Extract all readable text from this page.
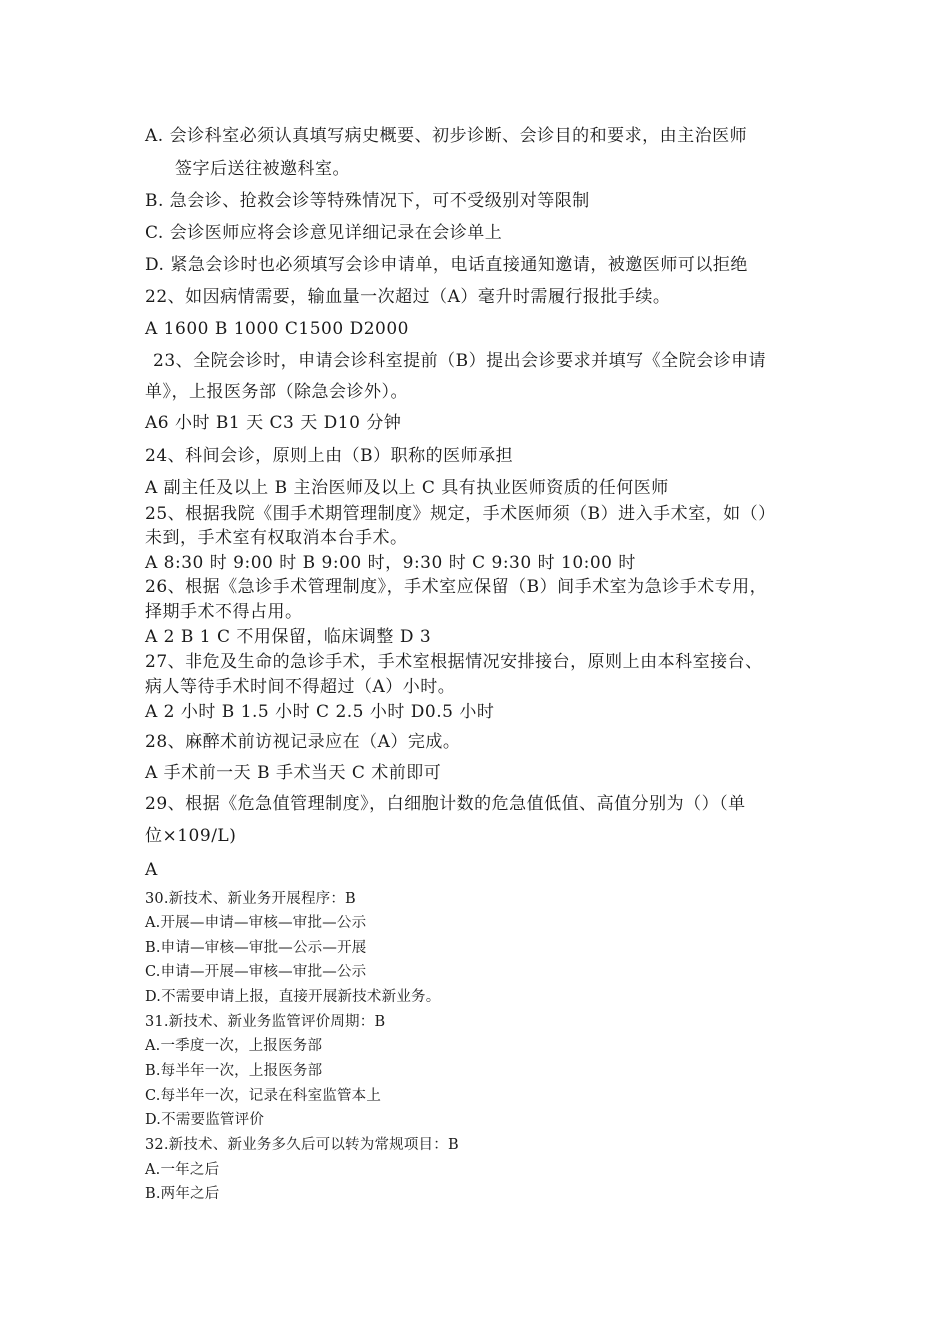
A. 会诊科室必须认真填写病史概要、初步诊断、会诊目的和要求，由主治医师
签字后送往被邀科室。
B. 急会诊、抢救会诊等特殊情况下，可不受级别对等限制
C. 会诊医师应将会诊意见详细记录在会诊单上
D. 紧急会诊时也必须填写会诊申请单，电话直接通知邀请，被邀医师可以拒绝
22、如因病情需要，输血量一次超过（A）毫升时需履行报批手续。
A 1600 B 1000 C1500 D2000
23、全院会诊时，申请会诊科室提前（B）提出会诊要求并填写《全院会诊申请
单》，上报医务部（除急会诊外）。
A6 小时 B1 天 C3 天 D10 分钟
24、科间会诊，原则上由（B）职称的医师承担
A 副主任及以上 B 主治医师及以上 C 具有执业医师资质的任何医师
25、根据我院《围手术期管理制度》规定，手术医师须（B）进入手术室，如（）
未到，手术室有权取消本台手术。
A 8:30 时 9:00 时 B 9:00 时，9:30 时 C 9:30 时 10:00 时
26、根据《急诊手术管理制度》，手术室应保留（B）间手术室为急诊手术专用，
择期手术不得占用。
A 2 B 1 C 不用保留，临床调整 D 3
27、非危及生命的急诊手术，手术室根据情况安排接台，原则上由本科室接台、
病人等待手术时间不得超过（A）小时。
A 2 小时 B 1.5 小时 C 2.5 小时 D0.5 小时
28、麻醉术前访视记录应在（A）完成。
A 手术前一天 B 手术当天 C 术前即可
29、根据《危急值管理制度》，白细胞计数的危急值低值、高值分别为（）（单
位×109/L)
A
30.新技术、新业务开展程序：B
A.开展—申请—审核—审批—公示
B.申请—审核—审批—公示—开展
C.申请—开展—审核—审批—公示
D.不需要申请上报，直接开展新技术新业务。
31.新技术、新业务监管评价周期：B
A.一季度一次，上报医务部
B.每半年一次，上报医务部
C.每半年一次，记录在科室监管本上
D.不需要监管评价
32.新技术、新业务多久后可以转为常规项目：B
A.一年之后
B.两年之后
